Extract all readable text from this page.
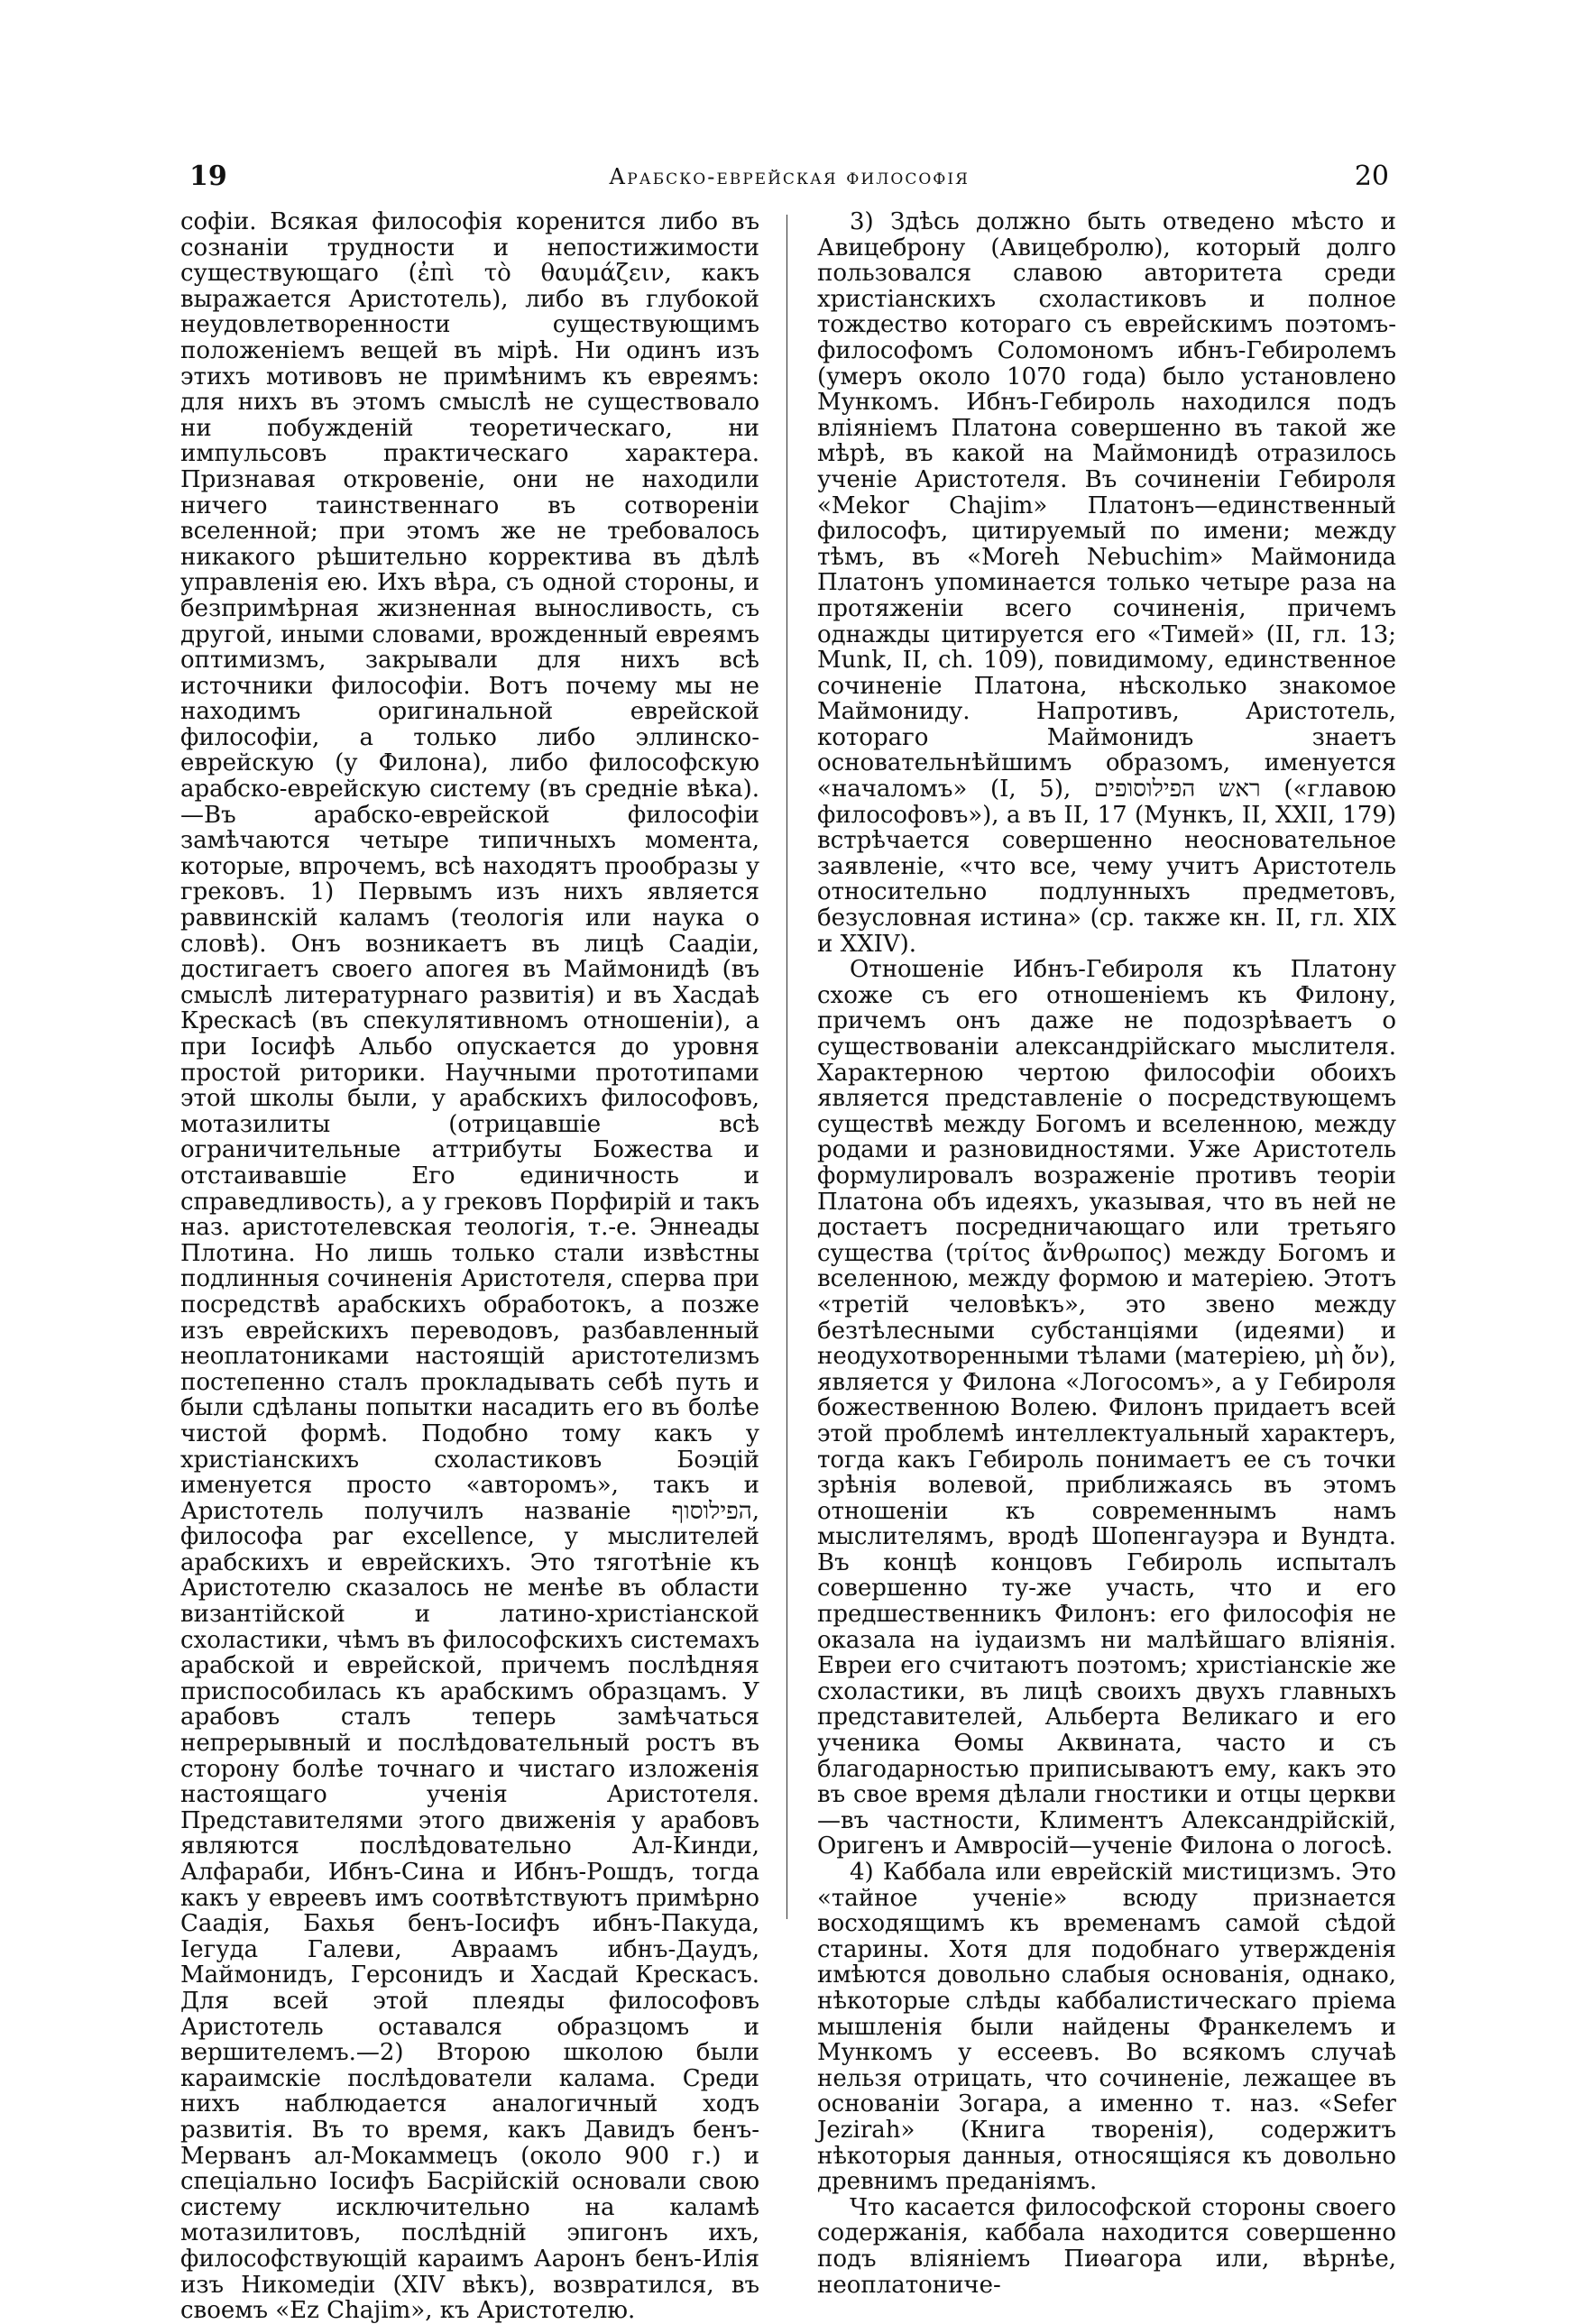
19	Арабско-еврейская философія	20

софіи. Всякая философія коренится либо въ сознаніи трудности и непостижимости существующаго (ἐπὶ τὸ θαυμάζειν, какъ выражается Аристотель), либо въ глубокой неудовлетворенности существующимъ положеніемъ вещей въ мірѣ. Ни одинъ изъ этихъ мотивовъ не примѣнимъ къ евреямъ: для нихъ въ этомъ смыслѣ не существовало ни побужденій теоретическаго, ни импульсовъ практическаго характера. Признавая откровеніе, они не находили ничего таинственнаго въ сотвореніи вселенной; при этомъ же не требовалось никакого рѣшительно корректива въ дѣлѣ управленія ею. Ихъ вѣра, съ одной стороны, и безпримѣрная жизненная выносливость, съ другой, иными словами, врожденный евреямъ оптимизмъ, закрывали для нихъ всѣ источники философіи. Вотъ почему мы не находимъ оригинальной еврейской философіи, а только либо эллинско-еврейскую (у Филона), либо философскую арабско-еврейскую систему (въ средніе вѣка).—Въ арабско-еврейской философіи замѣчаются четыре типичныхъ момента, которые, впрочемъ, всѣ находятъ прообразы у грековъ. 1) Первымъ изъ нихъ является раввинскій каламъ (теологія или наука о словѣ). Онъ возникаетъ въ лицѣ Саадіи, достигаетъ своего апогея въ Маймонидѣ (въ смыслѣ литературнаго развитія) и въ Хасдаѣ Крескасѣ (въ спекулятивномъ отношеніи), а при Іосифѣ Альбо опускается до уровня простой риторики. Научными прототипами этой школы были, у арабскихъ философовъ, мотазилиты (отрицавшіе всѣ ограничительные аттрибуты Божества и отстаивавшіе Его единичность и справедливость), а у грековъ Порфирій и такъ наз. аристотелевская теологія, т.-е. Эннеады Плотина. Но лишь только стали извѣстны подлинныя сочиненія Аристотеля, сперва при посредствѣ арабскихъ обработокъ, а позже изъ еврейскихъ переводовъ, разбавленный неоплатониками настоящій аристотелизмъ постепенно сталъ прокладывать себѣ путь и были сдѣланы попытки насадить его въ болѣе чистой формѣ. Подобно тому какъ у христіанскихъ схоластиковъ Боэцій именуется просто «авторомъ», такъ и Аристотель получилъ названіе הפילוסוף, философа par excellence, у мыслителей арабскихъ и еврейскихъ. Это тяготѣніе къ Аристотелю сказалось не менѣе въ области византійской и латино-христіанской схоластики, чѣмъ въ философскихъ системахъ арабской и еврейской, причемъ послѣдняя приспособилась къ арабскимъ образцамъ. У арабовъ сталъ теперь замѣчаться непрерывный и послѣдовательный ростъ въ сторону болѣе точнаго и чистаго изложенія настоящаго ученія Аристотеля. Представителями этого движенія у арабовъ являются послѣдовательно Ал-Кинди, Алфараби, Ибнъ-Сина и Ибнъ-Рошдъ, тогда какъ у евреевъ имъ соотвѣтствуютъ примѣрно Саадія, Бахья бенъ-Іосифъ ибнъ-Пакуда, Іегуда Галеви, Авраамъ ибнъ-Даудъ, Маймонидъ, Герсонидъ и Хасдай Крескасъ. Для всей этой плеяды философовъ Аристотель оставался образцомъ и вершителемъ.—2) Второю школою были караимскіе послѣдователи калама. Среди нихъ наблюдается аналогичный ходъ развитія. Въ то время, какъ Давидъ бенъ-Мерванъ ал-Мокаммецъ (около 900 г.) и спеціально Іосифъ Басрійскій основали свою систему исключительно на каламѣ мотазилитовъ, послѣдній эпигонъ ихъ, философствующій караимъ Ааронъ бенъ-Илія изъ Никомедіи (XIV вѣкъ), возвратился, въ своемъ «Ez Chajim», къ Аристотелю.

3) Здѣсь должно быть отведено мѣсто и Авицеброну (Авицебролю), который долго пользовался славою авторитета среди христіанскихъ схоластиковъ и полное тождество котораго съ еврейскимъ поэтомъ-философомъ Соломономъ ибнъ-Гебиролемъ (умеръ около 1070 года) было установлено Мункомъ. Ибнъ-Гебироль находился подъ вліяніемъ Платона совершенно въ такой же мѣрѣ, въ какой на Маймонидѣ отразилось ученіе Аристотеля. Въ сочиненіи Гебироля «Mekor Chajim» Платонъ—единственный философъ, цитируемый по имени; между тѣмъ, въ «Moreh Nebuchim» Маймонида Платонъ упоминается только четыре раза на протяженіи всего сочиненія, причемъ однажды цитируется его «Тимей» (II, гл. 13; Munk, II, ch. 109), повидимому, единственное сочиненіе Платона, нѣсколько знакомое Маймониду. Напротивъ, Аристотель, котораго Маймонидъ знаетъ основательнѣйшимъ образомъ, именуется «началомъ» (I, 5), ראש הפילוסופים («главою философовъ»), а въ II, 17 (Мункъ, II, XXII, 179) встрѣчается совершенно неосновательное заявленіе, «что все, чему учитъ Аристотель относительно подлунныхъ предметовъ, безусловная истина» (ср. также кн. II, гл. XIX и XXIV).

Отношеніе Ибнъ-Гебироля къ Платону схоже съ его отношеніемъ къ Филону, причемъ онъ даже не подозрѣваетъ о существованіи александрійскаго мыслителя. Характерною чертою философіи обоихъ является представленіе о посредствующемъ существѣ между Богомъ и вселенною, между родами и разновидностями. Уже Аристотель формулировалъ возраженіе противъ теоріи Платона объ идеяхъ, указывая, что въ ней не достаетъ посредничающаго или третьяго существа (τρίτος ἄνθρωπος) между Богомъ и вселенною, между формою и матеріею. Этотъ «третій человѣкъ», это звено между безтѣлесными субстанціями (идеями) и неодухотворенными тѣлами (матеріею, μὴ ὄν), является у Филона «Логосомъ», а у Гебироля божественною Волею. Филонъ придаетъ всей этой проблемѣ интеллектуальный характеръ, тогда какъ Гебироль понимаетъ ее съ точки зрѣнія волевой, приближаясь въ этомъ отношеніи къ современнымъ намъ мыслителямъ, вродѣ Шопенгауэра и Вундта. Въ концѣ концовъ Гебироль испыталъ совершенно ту-же участь, что и его предшественникъ Филонъ: его философія не оказала на іудаизмъ ни малѣйшаго вліянія. Евреи его считаютъ поэтомъ; христіанскіе же схоластики, въ лицѣ своихъ двухъ главныхъ представителей, Альберта Великаго и его ученика Ѳомы Аквината, часто и съ благодарностью приписываютъ ему, какъ это въ свое время дѣлали гностики и отцы церкви—въ частности, Климентъ Александрійскій, Оригенъ и Амвросій—ученіе Филона о логосѣ.

4) Каббала или еврейскій мистицизмъ. Это «тайное ученіе» всюду признается восходящимъ къ временамъ самой сѣдой старины. Хотя для подобнаго утвержденія имѣются довольно слабыя основанія, однако, нѣкоторые слѣды каббалистическаго пріема мышленія были найдены Франкелемъ и Мункомъ у ессеевъ. Во всякомъ случаѣ нельзя отрицать, что сочиненіе, лежащее въ основаніи Зогара, а именно т. наз. «Sefer Jezirah» (Книга творенія), содержитъ нѣкоторыя данныя, относящіяся къ довольно древнимъ преданіямъ.

Что касается философской стороны своего содержанія, каббала находится совершенно подъ вліяніемъ Пиѳагора или, вѣрнѣе, неоплатониче-
